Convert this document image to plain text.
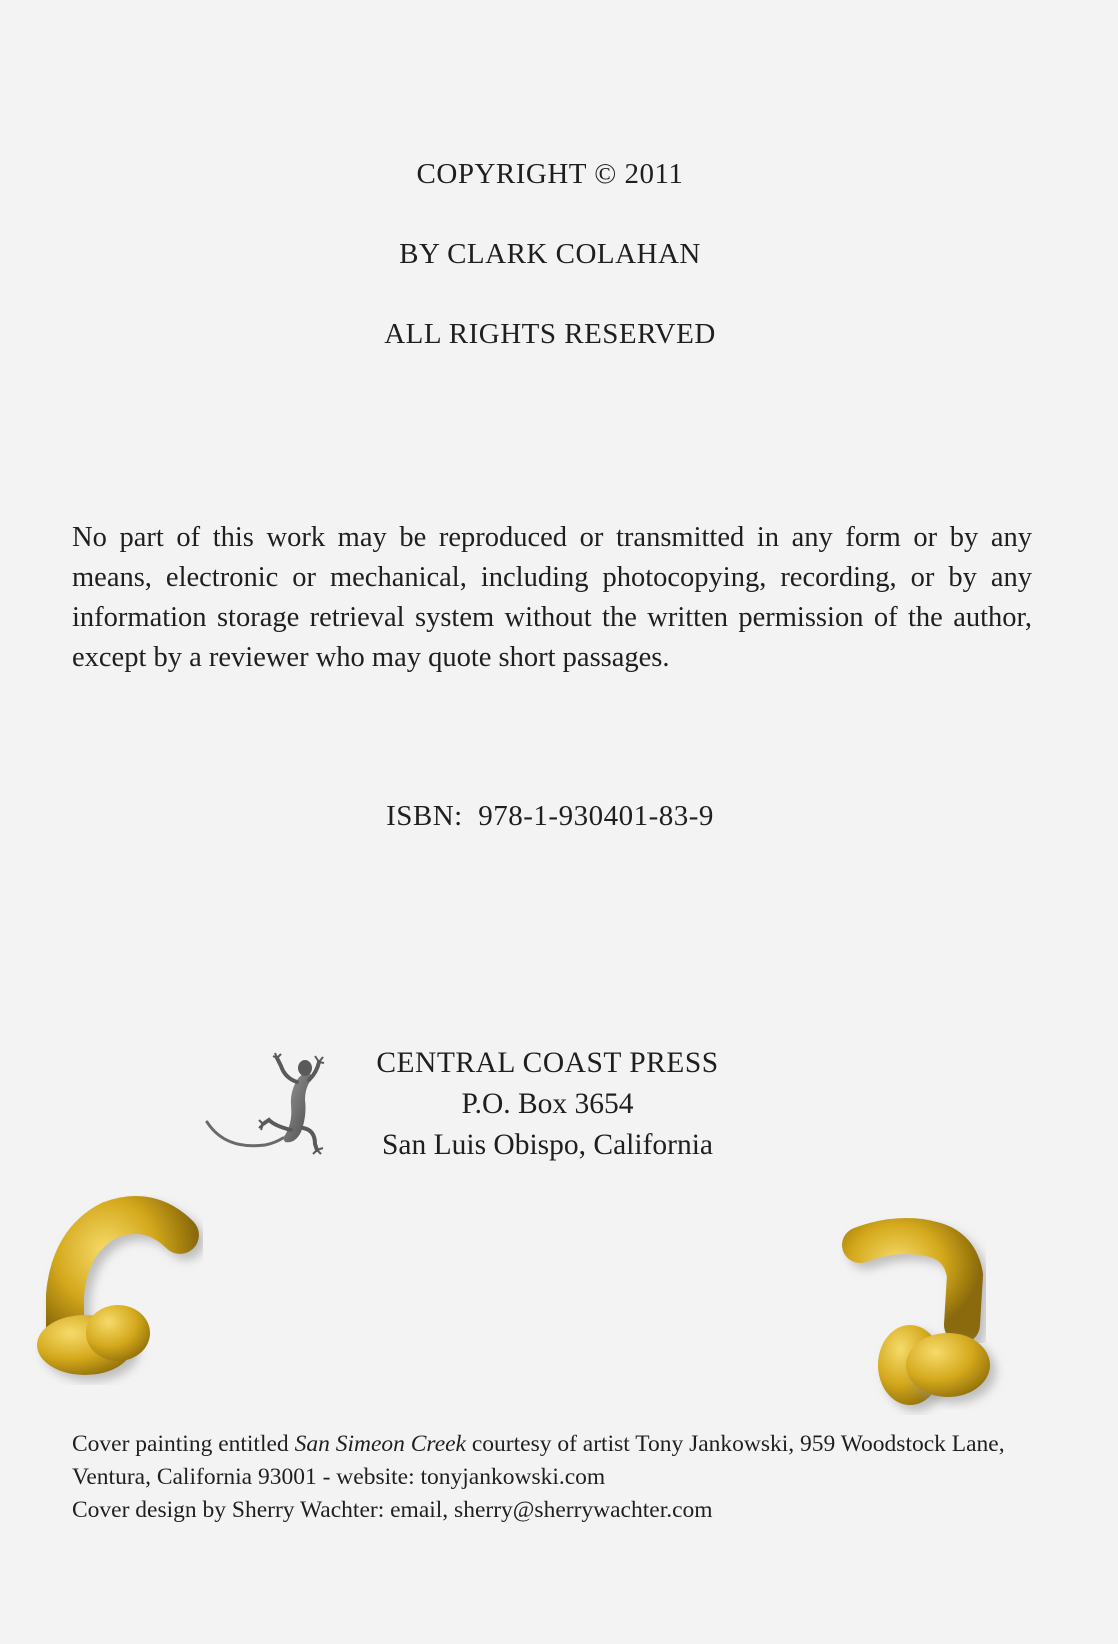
COPYRIGHT © 2011
BY CLARK COLAHAN
ALL RIGHTS RESERVED

No part of this work may be reproduced or transmitted in any form or by any means, electronic or mechanical, including photocopying, recording, or by any information storage retrieval system without the written permission of the author, except by a reviewer who may quote short passages.

ISBN: 978-1-930401-83-9
CENTRAL COAST PRESS
P.O. Box 3654
San Luis Obispo, California
Cover painting entitled San Simeon Creek courtesy of artist Tony Jankowski, 959 Woodstock Lane, Ventura, California 93001 - website: tonyjankowski.com
Cover design by Sherry Wachter: email, sherry@sherrywachter.com
